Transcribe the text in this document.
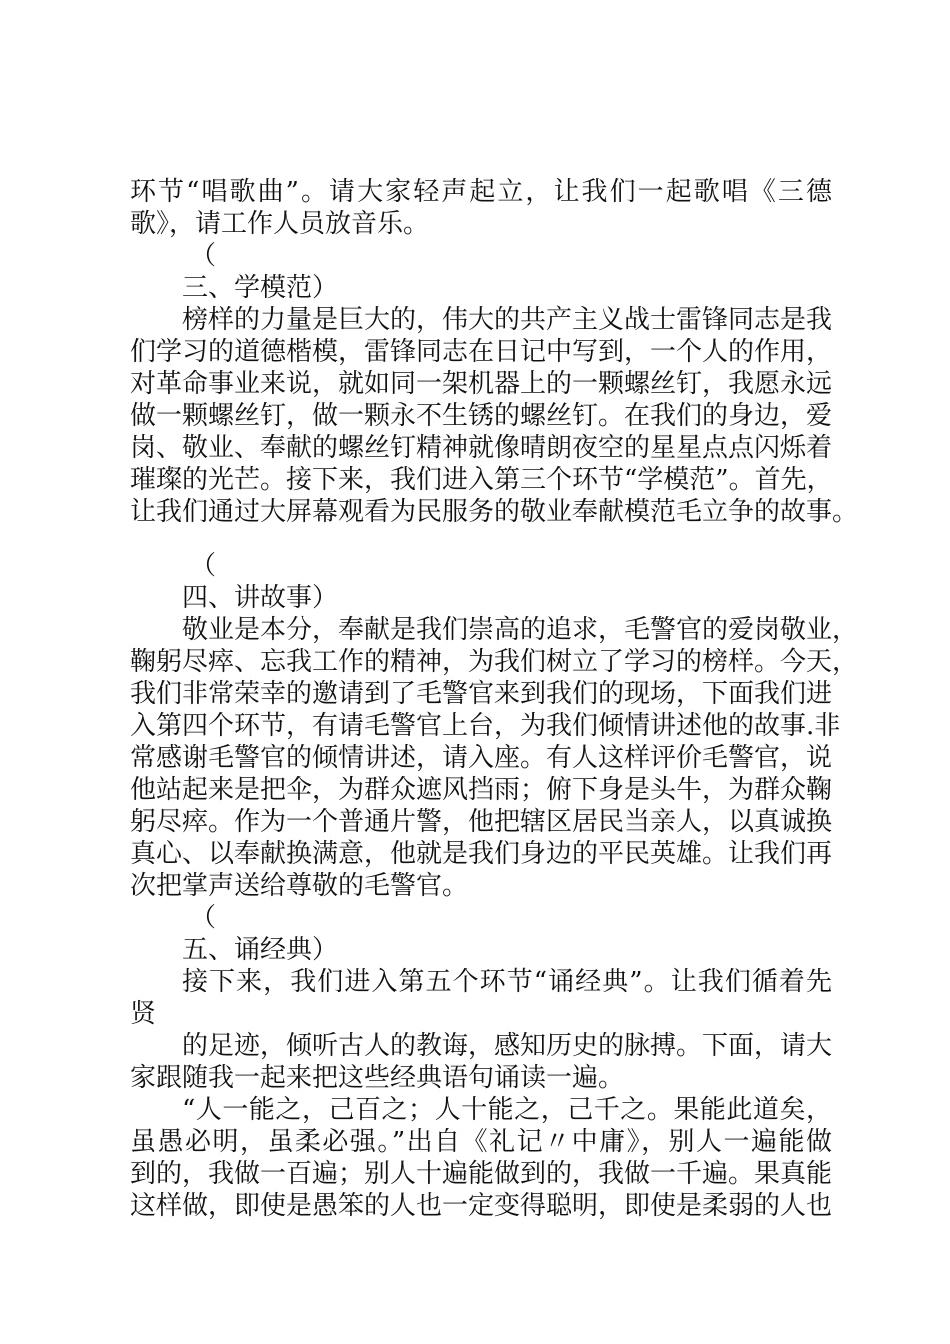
环节“唱歌曲”。请大家轻声起立，让我们一起歌唱《三德
歌》，请工作人员放音乐。
（
三、学模范）
榜样的力量是巨大的，伟大的共产主义战士雷锋同志是我
们学习的道德楷模，雷锋同志在日记中写到，一个人的作用，
对革命事业来说，就如同一架机器上的一颗螺丝钉，我愿永远
做一颗螺丝钉，做一颗永不生锈的螺丝钉。在我们的身边，爱
岗、敬业、奉献的螺丝钉精神就像晴朗夜空的星星点点闪烁着
璀璨的光芒。接下来，我们进入第三个环节“学模范”。首先，
让我们通过大屏幕观看为民服务的敬业奉献模范毛立争的故事。
（
四、讲故事）
敬业是本分，奉献是我们崇高的追求，毛警官的爱岗敬业，
鞠躬尽瘁、忘我工作的精神，为我们树立了学习的榜样。今天，
我们非常荣幸的邀请到了毛警官来到我们的现场，下面我们进
入第四个环节，有请毛警官上台，为我们倾情讲述他的故事.非
常感谢毛警官的倾情讲述，请入座。有人这样评价毛警官，说
他站起来是把伞，为群众遮风挡雨；俯下身是头牛，为群众鞠
躬尽瘁。作为一个普通片警，他把辖区居民当亲人，以真诚换
真心、以奉献换满意，他就是我们身边的平民英雄。让我们再
次把掌声送给尊敬的毛警官。
（
五、诵经典）
接下来，我们进入第五个环节“诵经典”。让我们循着先
贤
的足迹，倾听古人的教诲，感知历史的脉搏。下面，请大
家跟随我一起来把这些经典语句诵读一遍。
“人一能之，己百之；人十能之，己千之。果能此道矣，
虽愚必明，虽柔必强。”出自《礼记〃中庸》，别人一遍能做
到的，我做一百遍；别人十遍能做到的，我做一千遍。果真能
这样做，即使是愚笨的人也一定变得聪明，即使是柔弱的人也
